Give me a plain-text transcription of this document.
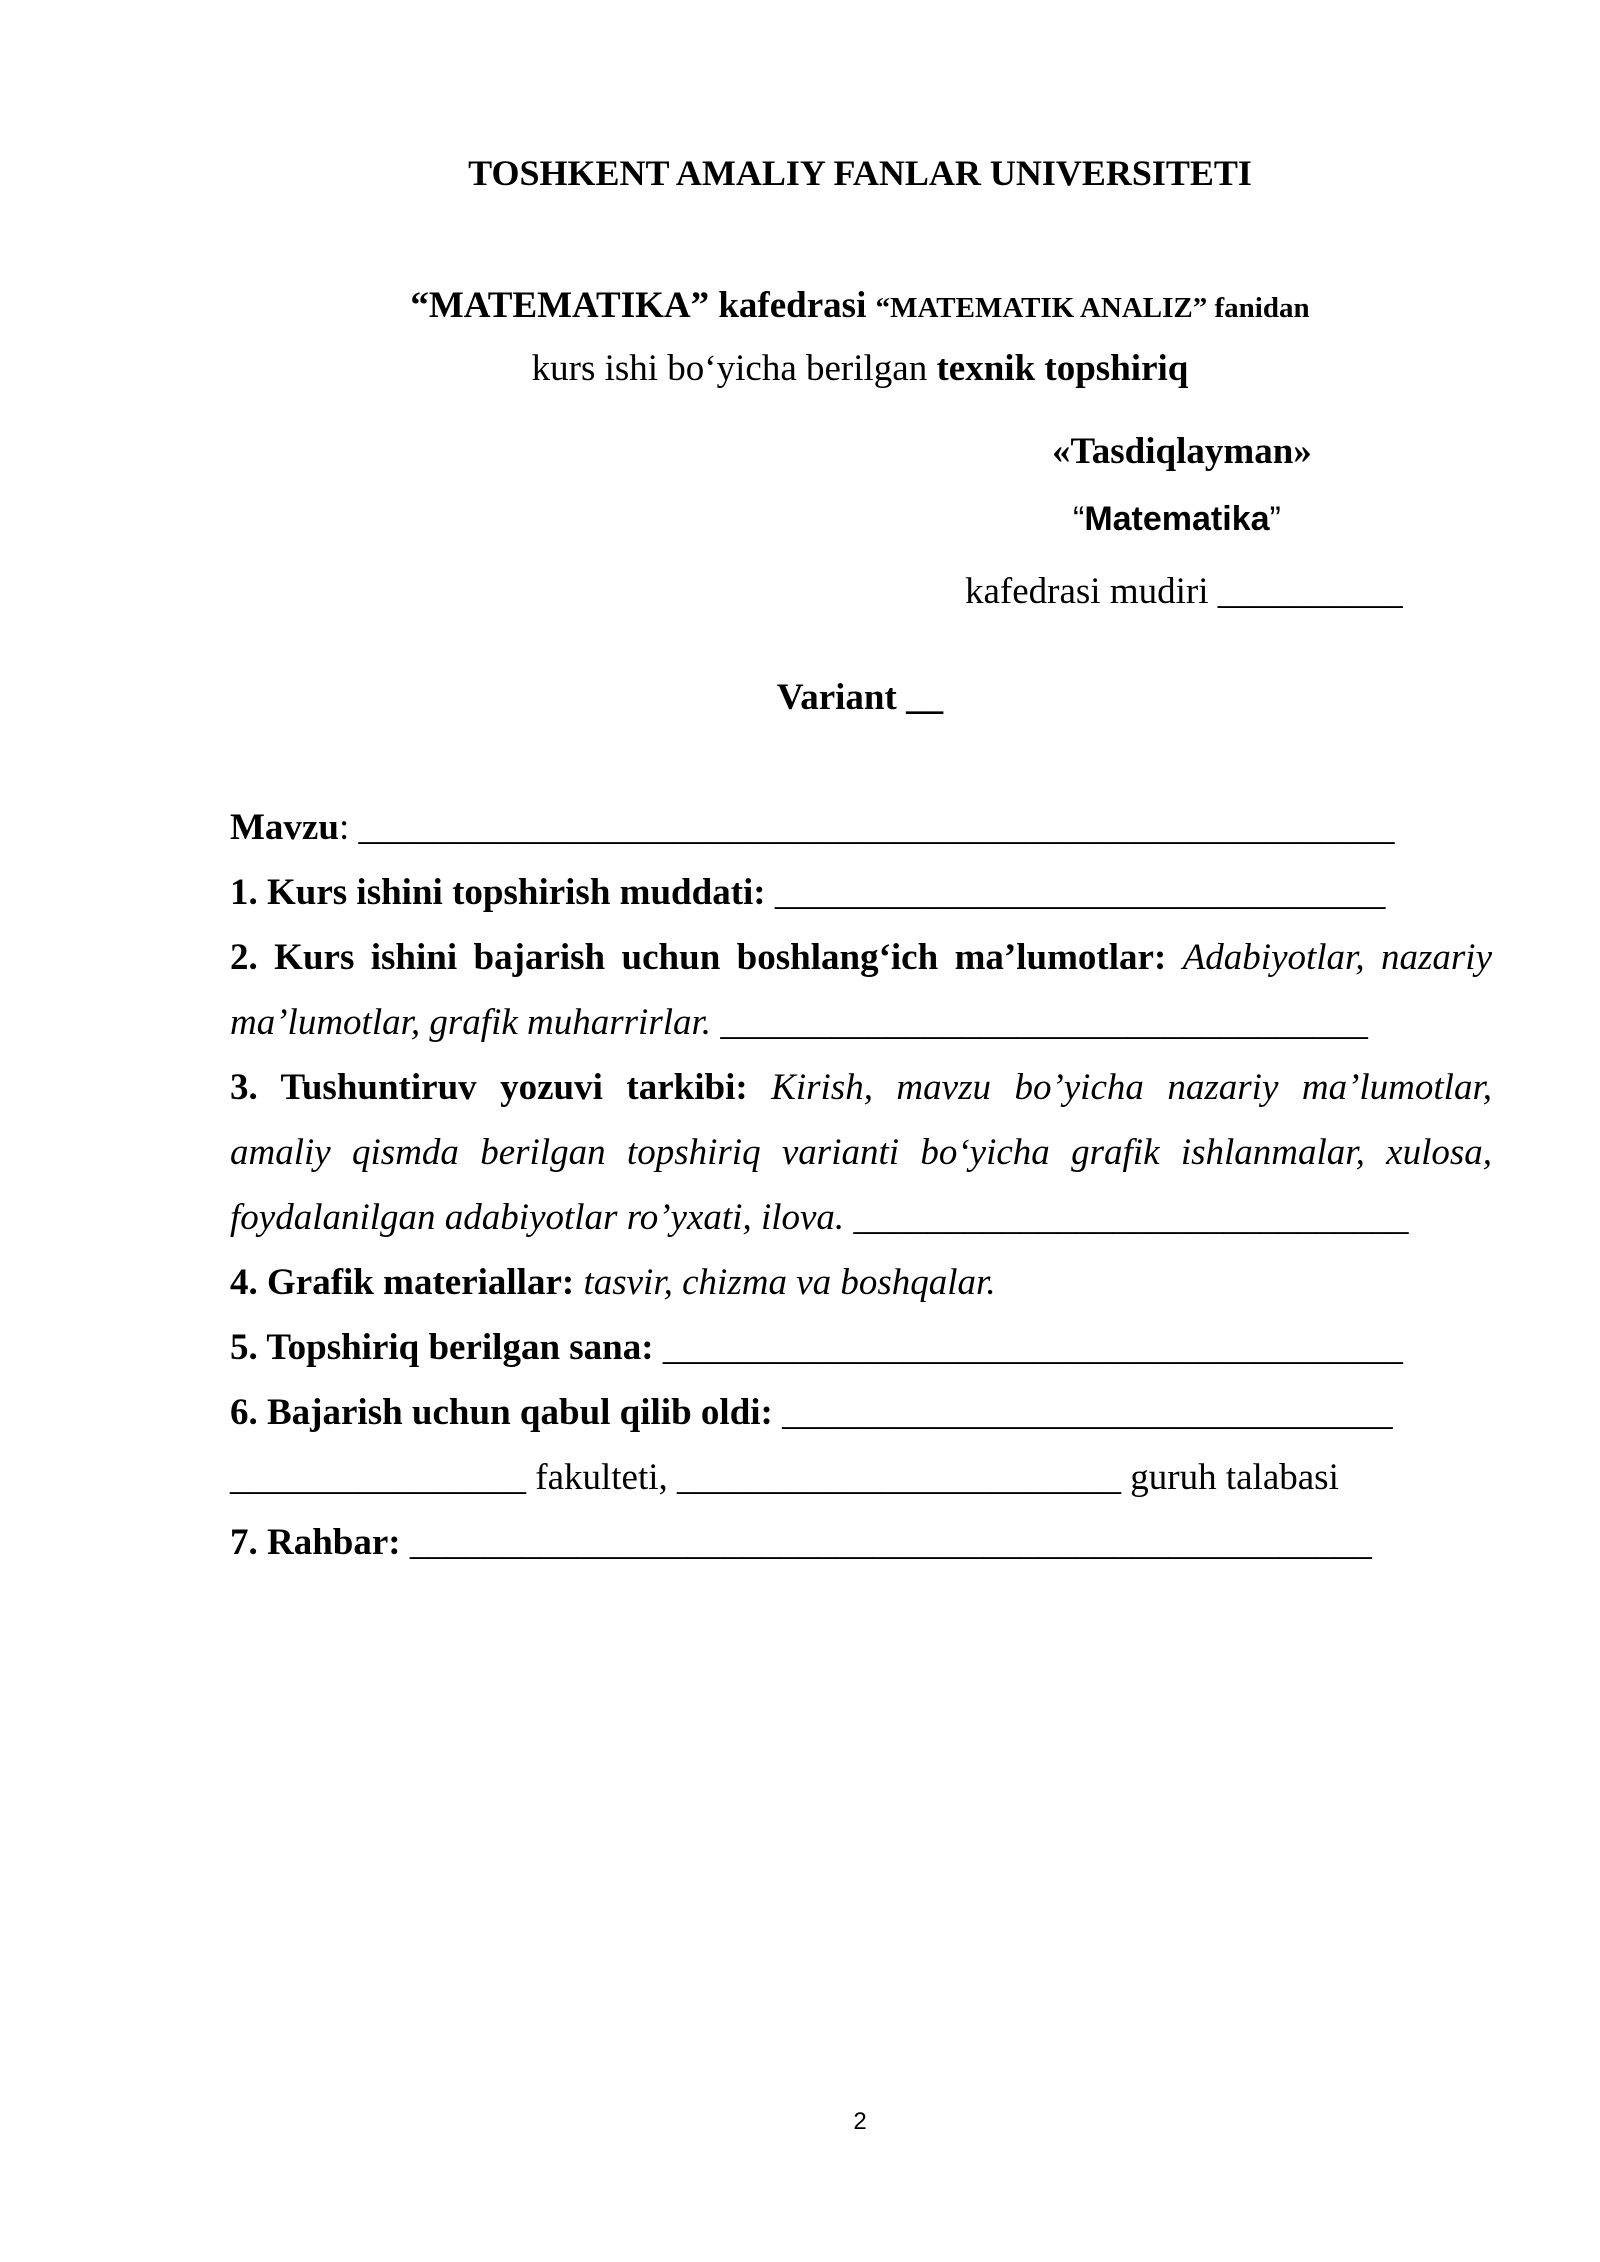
TOSHKENT AMALIY FANLAR UNIVERSITETI
“MATEMATIKA” kafedrasi “MATEMATIK ANALIZ” fanidan
kurs ishi bo‘yicha berilgan texnik topshiriq
«Tasdiqlayman»
“Matematika”
kafedrasi mudiri __________
Variant __
Mavzu: ________________________________________________________
1. Kurs ishini topshirish muddati: _________________________________
2. Kurs ishini bajarish uchun boshlang‘ich ma’lumotlar: Adabiyotlar, nazariy
ma’lumotlar, grafik muharrirlar. ___________________________________
3. Tushuntiruv yozuvi tarkibi: Kirish, mavzu bo’yicha nazariy ma’lumotlar,
amaliy qismda berilgan topshiriq varianti bo‘yicha grafik ishlanmalar, xulosa,
foydalanilgan adabiyotlar ro’yxati, ilova. ______________________________
4. Grafik materiallar: tasvir, chizma va boshqalar.
5. Topshiriq berilgan sana: ________________________________________
6. Bajarish uchun qabul qilib oldi: _________________________________
________________ fakulteti, ________________________ guruh talabasi
7. Rahbar: ____________________________________________________
2
